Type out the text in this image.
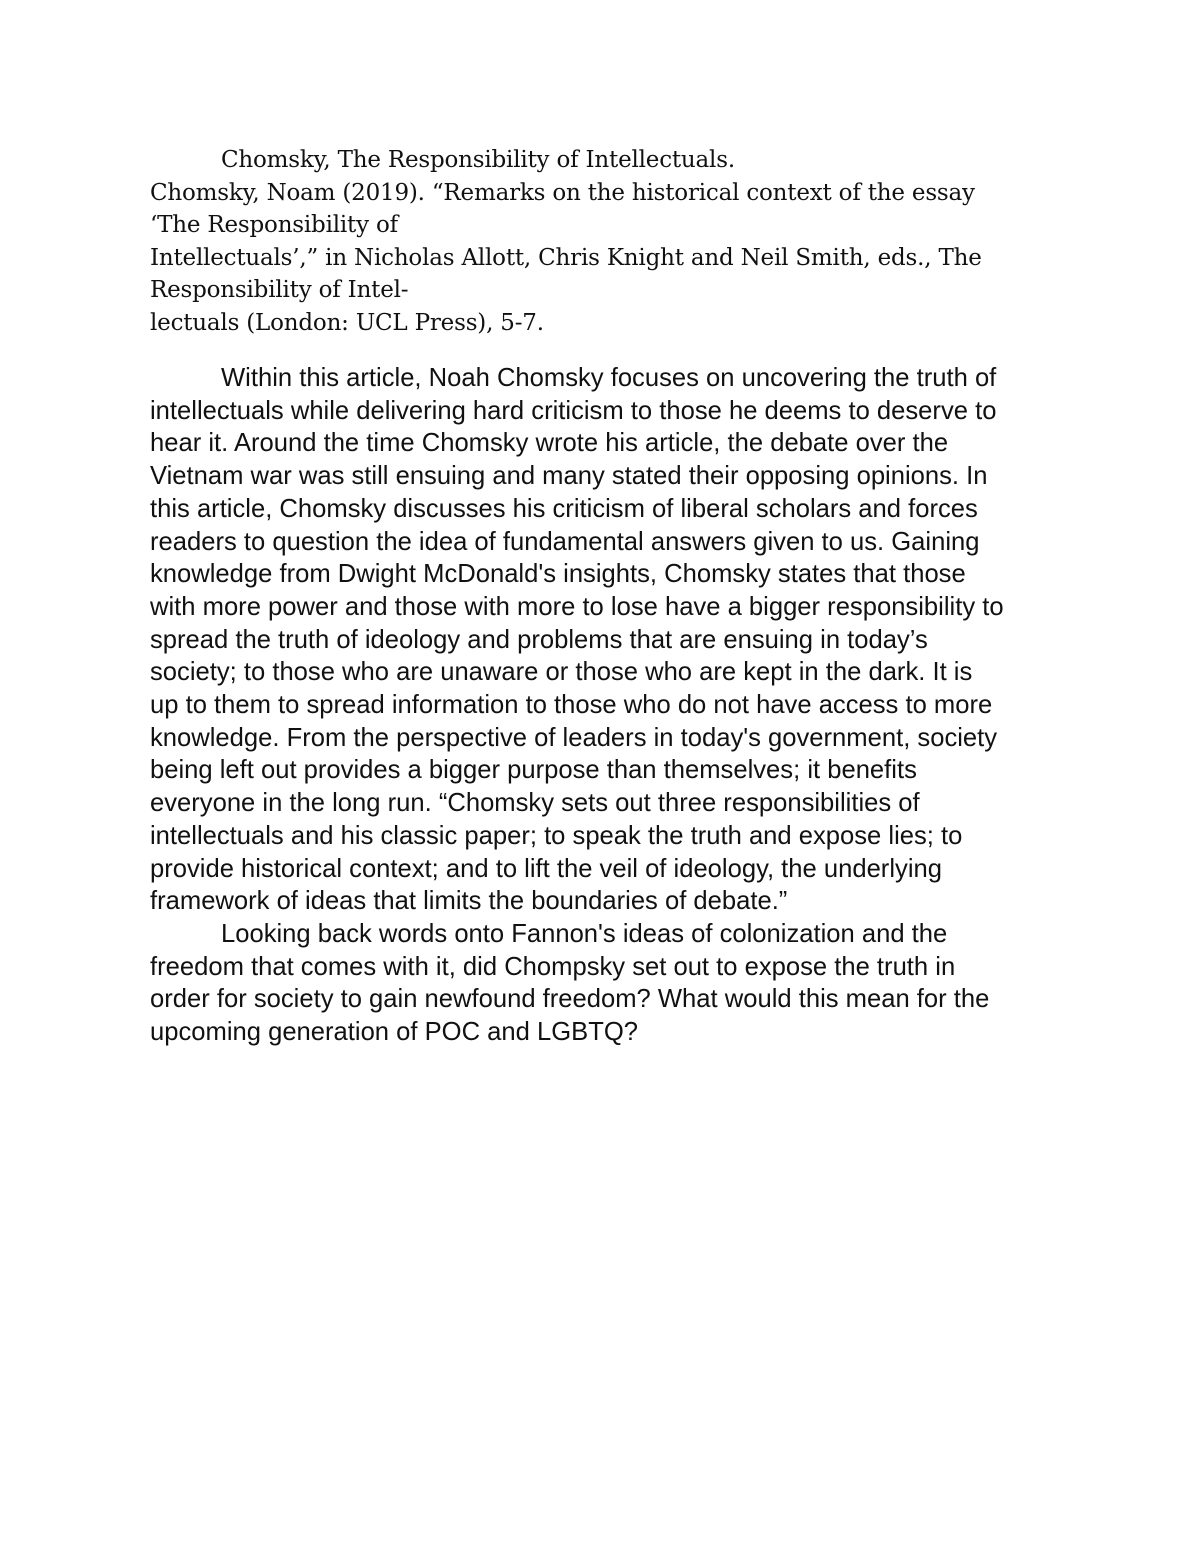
Chomsky, The Responsibility of Intellectuals.
Chomsky, Noam (2019). “Remarks on the historical context of the essay
‘The Responsibility of
Intellectuals’,” in Nicholas Allott, Chris Knight and Neil Smith, eds., The
Responsibility of Intel-
lectuals (London: UCL Press), 5-7.
Within this article, Noah Chomsky focuses on uncovering the truth of
intellectuals while delivering hard criticism to those he deems to deserve to
hear it. Around the time Chomsky wrote his article, the debate over the
Vietnam war was still ensuing and many stated their opposing opinions. In
this article, Chomsky discusses his criticism of liberal scholars and forces
readers to question the idea of fundamental answers given to us. Gaining
knowledge from Dwight McDonald's insights, Chomsky states that those
with more power and those with more to lose have a bigger responsibility to
spread the truth of ideology and problems that are ensuing in today’s
society; to those who are unaware or those who are kept in the dark. It is
up to them to spread information to those who do not have access to more
knowledge. From the perspective of leaders in today's government, society
being left out provides a bigger purpose than themselves; it benefits
everyone in the long run. “Chomsky sets out three responsibilities of
intellectuals and his classic paper; to speak the truth and expose lies; to
provide historical context; and to lift the veil of ideology, the underlying
framework of ideas that limits the boundaries of debate.”
Looking back words onto Fannon's ideas of colonization and the
freedom that comes with it, did Chompsky set out to expose the truth in
order for society to gain newfound freedom? What would this mean for the
upcoming generation of POC and LGBTQ?
